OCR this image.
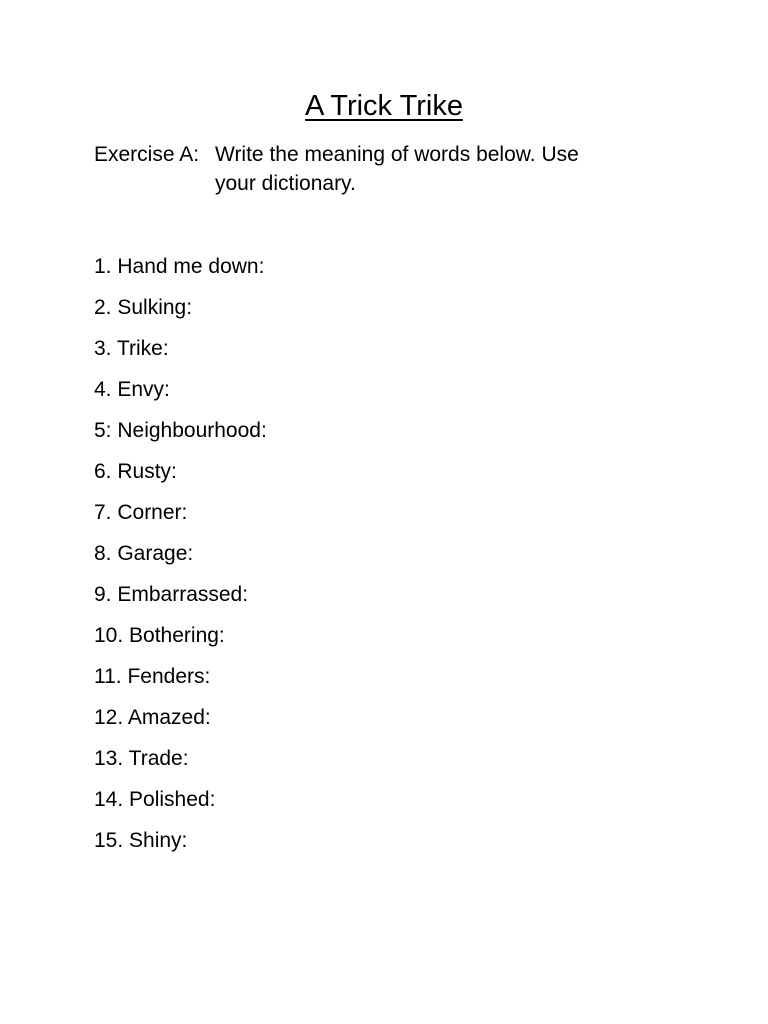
A Trick Trike
Exercise A: Write the meaning of words below. Use
your dictionary.
1. Hand me down:
2. Sulking:
3. Trike:
4. Envy:
5: Neighbourhood:
6. Rusty:
7. Corner:
8. Garage:
9. Embarrassed:
10. Bothering:
11. Fenders:
12. Amazed:
13. Trade:
14. Polished:
15. Shiny:
